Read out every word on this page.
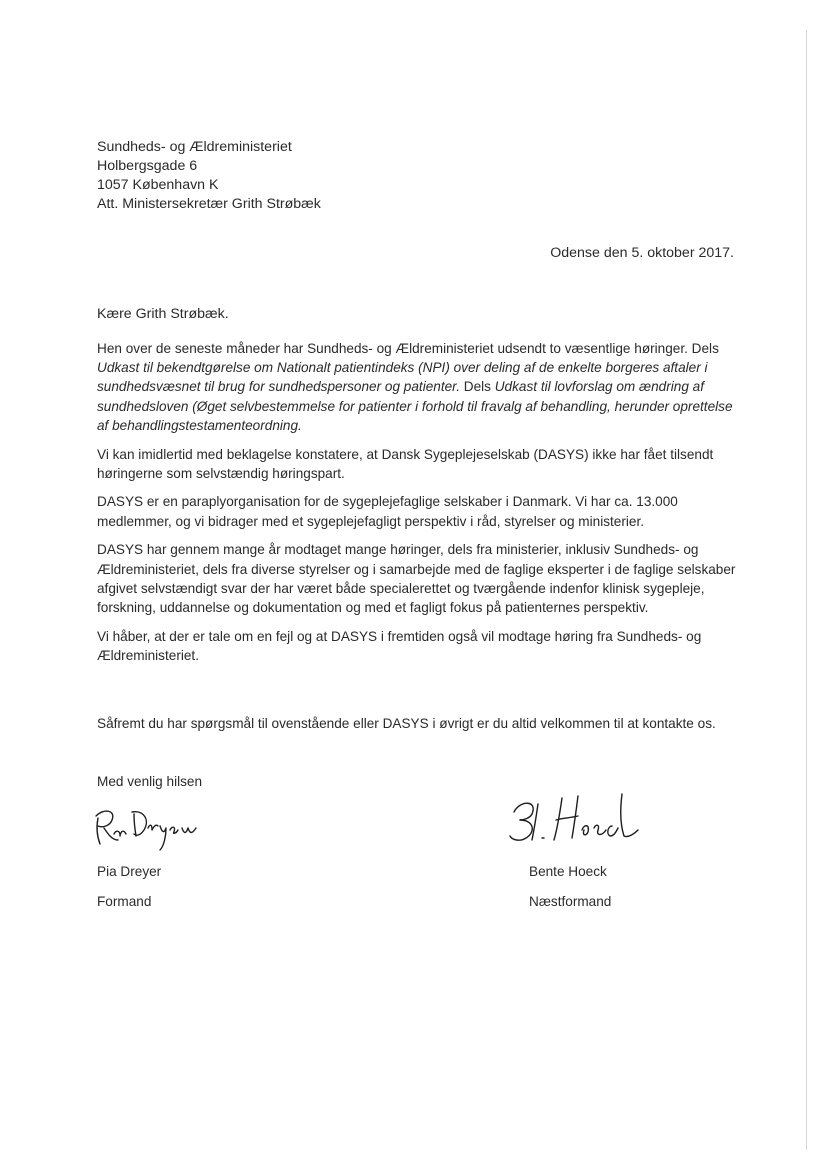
Sundheds- og Ældreministeriet
Holbergsgade 6
1057 København K
Att. Ministersekretær Grith Strøbæk
Odense den 5. oktober 2017.
Kære Grith Strøbæk.

Hen over de seneste måneder har Sundheds- og Ældreministeriet udsendt to væsentlige høringer. Dels Udkast til bekendtgørelse om Nationalt patientindeks (NPI) over deling af de enkelte borgeres aftaler i sundhedsvæsnet til brug for sundhedspersoner og patienter. Dels Udkast til lovforslag om ændring af sundhedsloven (Øget selvbestemmelse for patienter i forhold til fravalg af behandling, herunder oprettelse af behandlingstestamenteordning.

Vi kan imidlertid med beklagelse konstatere, at Dansk Sygeplejeselskab (DASYS) ikke har fået tilsendt høringerne som selvstændig høringspart.

DASYS er en paraplyorganisation for de sygeplejefaglige selskaber i Danmark. Vi har ca. 13.000 medlemmer, og vi bidrager med et sygeplejefagligt perspektiv i råd, styrelser og ministerier.

DASYS har gennem mange år modtaget mange høringer, dels fra ministerier, inklusiv Sundheds- og Ældreministeriet, dels fra diverse styrelser og i samarbejde med de faglige eksperter i de faglige selskaber afgivet selvstændigt svar der har været både specialerettet og tværgående indenfor klinisk sygepleje, forskning, uddannelse og dokumentation og med et fagligt fokus på patienternes perspektiv.

Vi håber, at der er tale om en fejl og at DASYS i fremtiden også vil modtage høring fra Sundheds- og Ældreministeriet.

Såfremt du har spørgsmål til ovenstående eller DASYS i øvrigt er du altid velkommen til at kontakte os.
Med venlig hilsen
Pia Dreyer
Formand
Bente Hoeck
Næstformand
